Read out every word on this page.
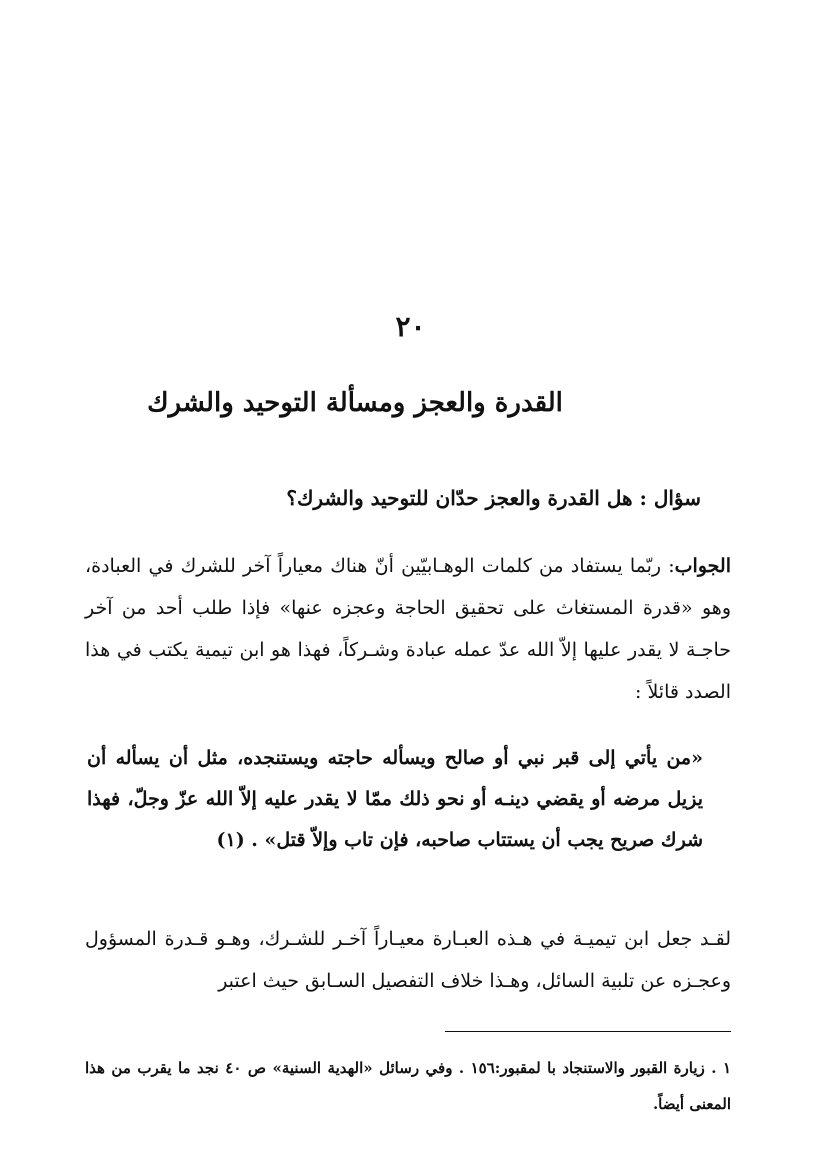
٢٠
القدرة والعجز ومسألة التوحيد والشرك
سؤال : هل القدرة والعجز حدّان للتوحيد والشرك؟
الجواب: ربّما يستفاد من كلمات الوهـابيّين أنّ هناك معياراً آخر للشرك في العبادة، وهو «قدرة المستغاث على تحقيق الحاجة وعجزه عنها» فإذا طلب أحد من آخر حاجـة لا يقدر عليها إلاّ الله عدّ عمله عبادة وشـركاً، فهذا هو ابن تيمية يكتب في هذا الصدد قائلاً :
«من يأتي إلى قبر نبي أو صالح ويسأله حاجته ويستنجده، مثل أن يسأله أن يزيل مرضه أو يقضي دينـه أو نحو ذلك ممّا لا يقدر عليه إلاّ الله عزّ وجلّ، فهذا شرك صريح يجب أن يستتاب صاحبه، فإن تاب وإلاّ قتل» . (١)
لقـد جعل ابن تيميـة في هـذه العبـارة معيـاراً آخـر للشـرك، وهـو قـدرة المسؤول وعجـزه عن تلبية السائل، وهـذا خلاف التفصيل السـابق حيث اعتبر
١ . زيارة القبور والاستنجاد با لمقبور:١٥٦ . وفي رسائل «الهدية السنية» ص ٤٠ نجد ما يقرب من هذا المعنى أيضاً.
